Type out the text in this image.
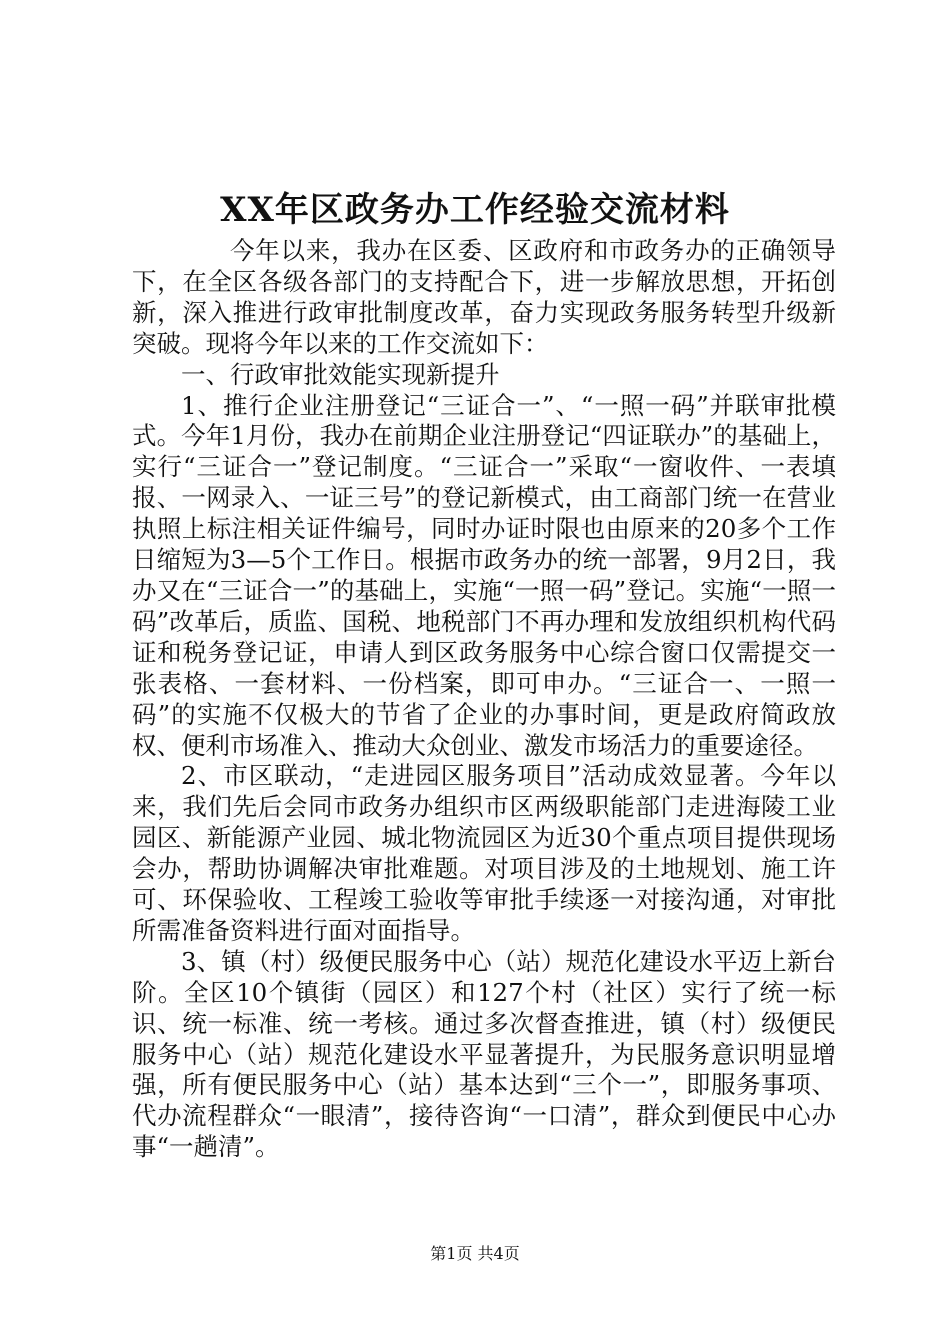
XX年区政务办工作经验交流材料

今年以来，我办在区委、区政府和市政务办的正确领导下，在全区各级各部门的支持配合下，进一步解放思想，开拓创新，深入推进行政审批制度改革，奋力实现政务服务转型升级新突破。现将今年以来的工作交流如下：

一、行政审批效能实现新提升

1、推行企业注册登记“三证合一”、“一照一码”并联审批模式。今年1月份，我办在前期企业注册登记“四证联办”的基础上，实行“三证合一”登记制度。“三证合一”采取“一窗收件、一表填报、一网录入、一证三号”的登记新模式，由工商部门统一在营业执照上标注相关证件编号，同时办证时限也由原来的20多个工作日缩短为3—5个工作日。根据市政务办的统一部署，9月2日，我办又在“三证合一”的基础上，实施“一照一码”登记。实施“一照一码”改革后，质监、国税、地税部门不再办理和发放组织机构代码证和税务登记证，申请人到区政务服务中心综合窗口仅需提交一张表格、一套材料、一份档案，即可申办。“三证合一、一照一码”的实施不仅极大的节省了企业的办事时间，更是政府简政放权、便利市场准入、推动大众创业、激发市场活力的重要途径。

2、市区联动，“走进园区服务项目”活动成效显著。今年以来，我们先后会同市政务办组织市区两级职能部门走进海陵工业园区、新能源产业园、城北物流园区为近30个重点项目提供现场会办，帮助协调解决审批难题。对项目涉及的土地规划、施工许可、环保验收、工程竣工验收等审批手续逐一对接沟通，对审批所需准备资料进行面对面指导。

3、镇（村）级便民服务中心（站）规范化建设水平迈上新台阶。全区10个镇街（园区）和127个村（社区）实行了统一标识、统一标准、统一考核。通过多次督查推进，镇（村）级便民服务中心（站）规范化建设水平显著提升，为民服务意识明显增强，所有便民服务中心（站）基本达到“三个一”，即服务事项、代办流程群众“一眼清”，接待咨询“一口清”，群众到便民中心办事“一趟清”。

第1页 共4页
